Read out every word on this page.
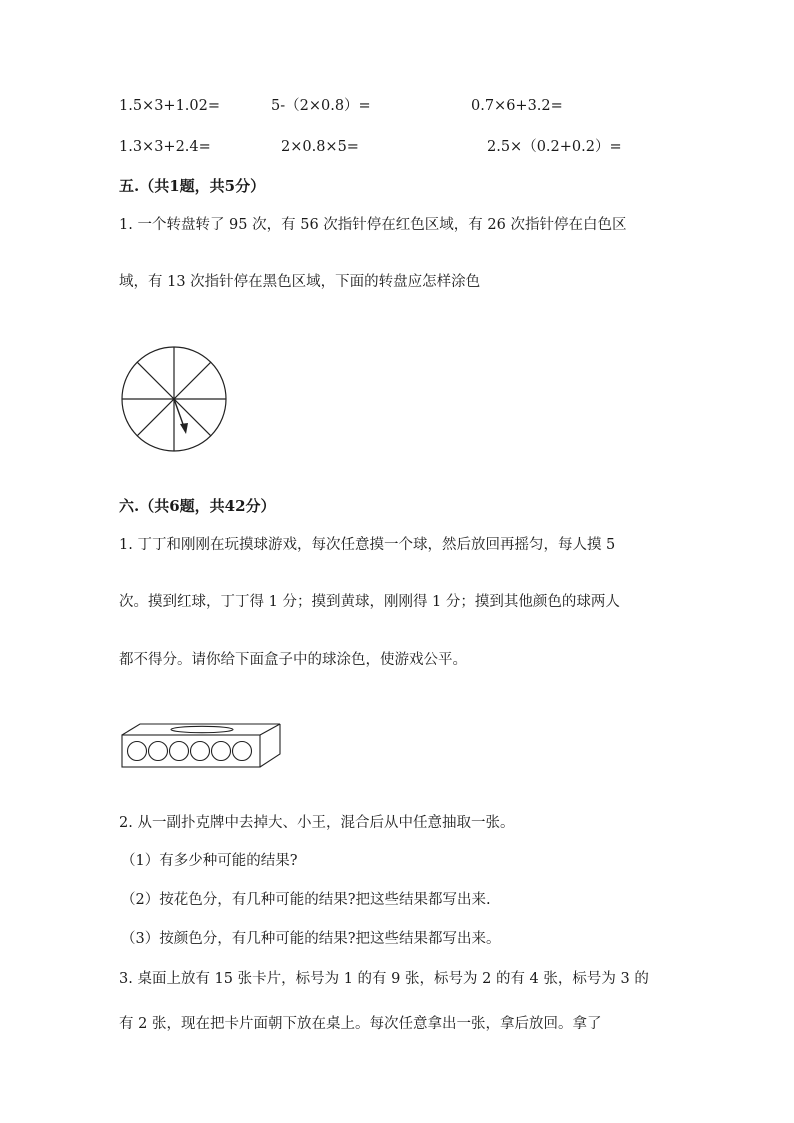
1.5×3+1.02=	5-（2×0.8）=	0.7×6+3.2=
1.3×3+2.4=	2×0.8×5=	2.5×（0.2+0.2）=
五.（共1题，共5分）
1. 一个转盘转了 95 次，有 56 次指针停在红色区域，有 26 次指针停在白色区
域，有 13 次指针停在黑色区域，下面的转盘应怎样涂色
六.（共6题，共42分）
1. 丁丁和刚刚在玩摸球游戏，每次任意摸一个球，然后放回再摇匀，每人摸 5
次。摸到红球，丁丁得 1 分；摸到黄球，刚刚得 1 分；摸到其他颜色的球两人
都不得分。请你给下面盒子中的球涂色，使游戏公平。
2. 从一副扑克牌中去掉大、小王，混合后从中任意抽取一张。
（1）有多少种可能的结果?
（2）按花色分，有几种可能的结果?把这些结果都写出来.
（3）按颜色分，有几种可能的结果?把这些结果都写出来。
3. 桌面上放有 15 张卡片，标号为 1 的有 9 张，标号为 2 的有 4 张，标号为 3 的
有 2 张，现在把卡片面朝下放在桌上。每次任意拿出一张，拿后放回。拿了
